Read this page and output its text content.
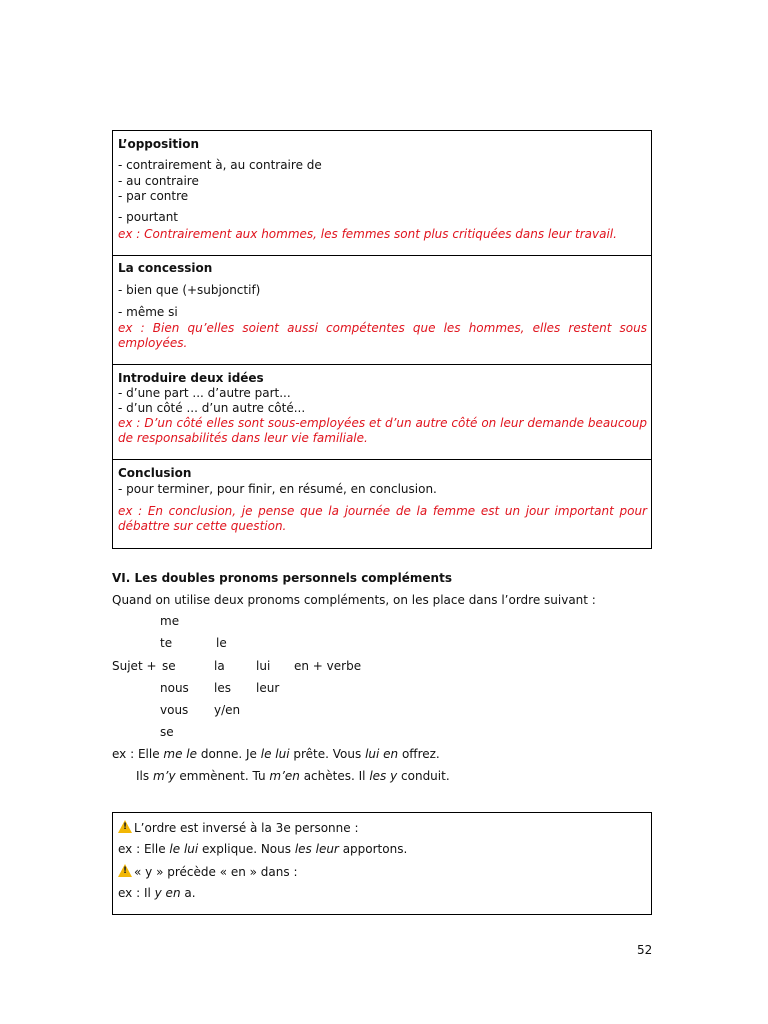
L’opposition
- contrairement à, au contraire de
- au contraire
- par contre
- pourtant
ex : Contrairement aux hommes, les femmes sont plus critiquées dans leur travail.
La concession
- bien que (+subjonctif)
- même si
ex : Bien qu’elles soient aussi compétentes que les hommes, elles restent sous employées.
Introduire deux idées
- d’une part ... d’autre part...
- d’un côté ... d’un autre côté...
ex : D’un côté elles sont sous-employées et d’un autre côté on leur demande beaucoup de responsabilités dans leur vie familiale.
Conclusion
- pour terminer, pour finir, en résumé, en conclusion.
ex : En conclusion, je pense que la journée de la femme est un jour important pour débattre sur cette question.
VI. Les doubles pronoms personnels compléments
Quand on utilise deux pronoms compléments, on les place dans l’ordre suivant :
me
te	le
Sujet + se	la	lui en + verbe
nous les leur
vous y/en
se
ex : Elle me le donne. Je le lui prête. Vous lui en offrez.
Ils m’y emmènent. Tu m’en achètes. Il les y conduit.
!L’ordre est inversé à la 3e personne :
ex : Elle le lui explique. Nous les leur apportons.
!« y » précède « en » dans :
ex : Il y en a.
52
